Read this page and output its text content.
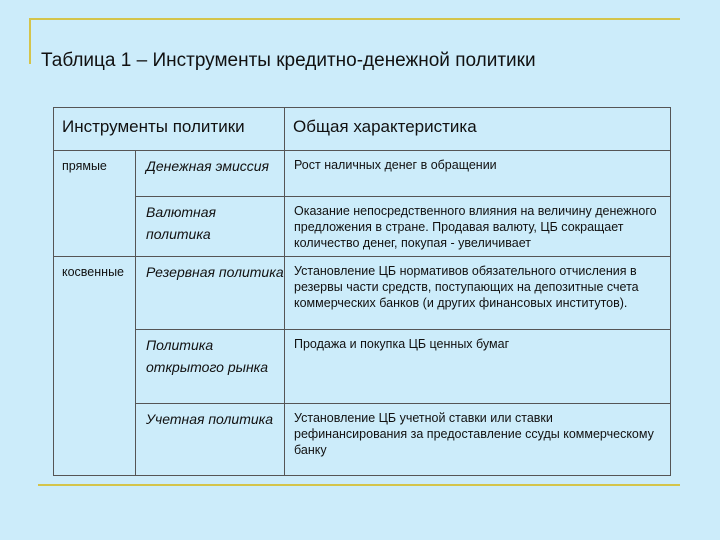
Таблица 1 – Инструменты кредитно-денежной политики
Инструменты политики		Общая характеристика
прямые	Денежная эмиссия	Рост наличных денег в обращении
	Валютная политика	Оказание непосредственного влияния на величину денежного предложения в стране. Продавая валюту, ЦБ сокращает количество денег, покупая - увеличивает
косвенные	Резервная политика	Установление ЦБ нормативов обязательного отчисления в резервы части средств, поступающих на депозитные счета коммерческих банков (и других финансовых институтов).
	Политика открытого рынка	Продажа и покупка ЦБ ценных бумаг
	Учетная политика	Установление ЦБ учетной ставки или ставки рефинансирования за предоставление ссуды коммерческому банку
